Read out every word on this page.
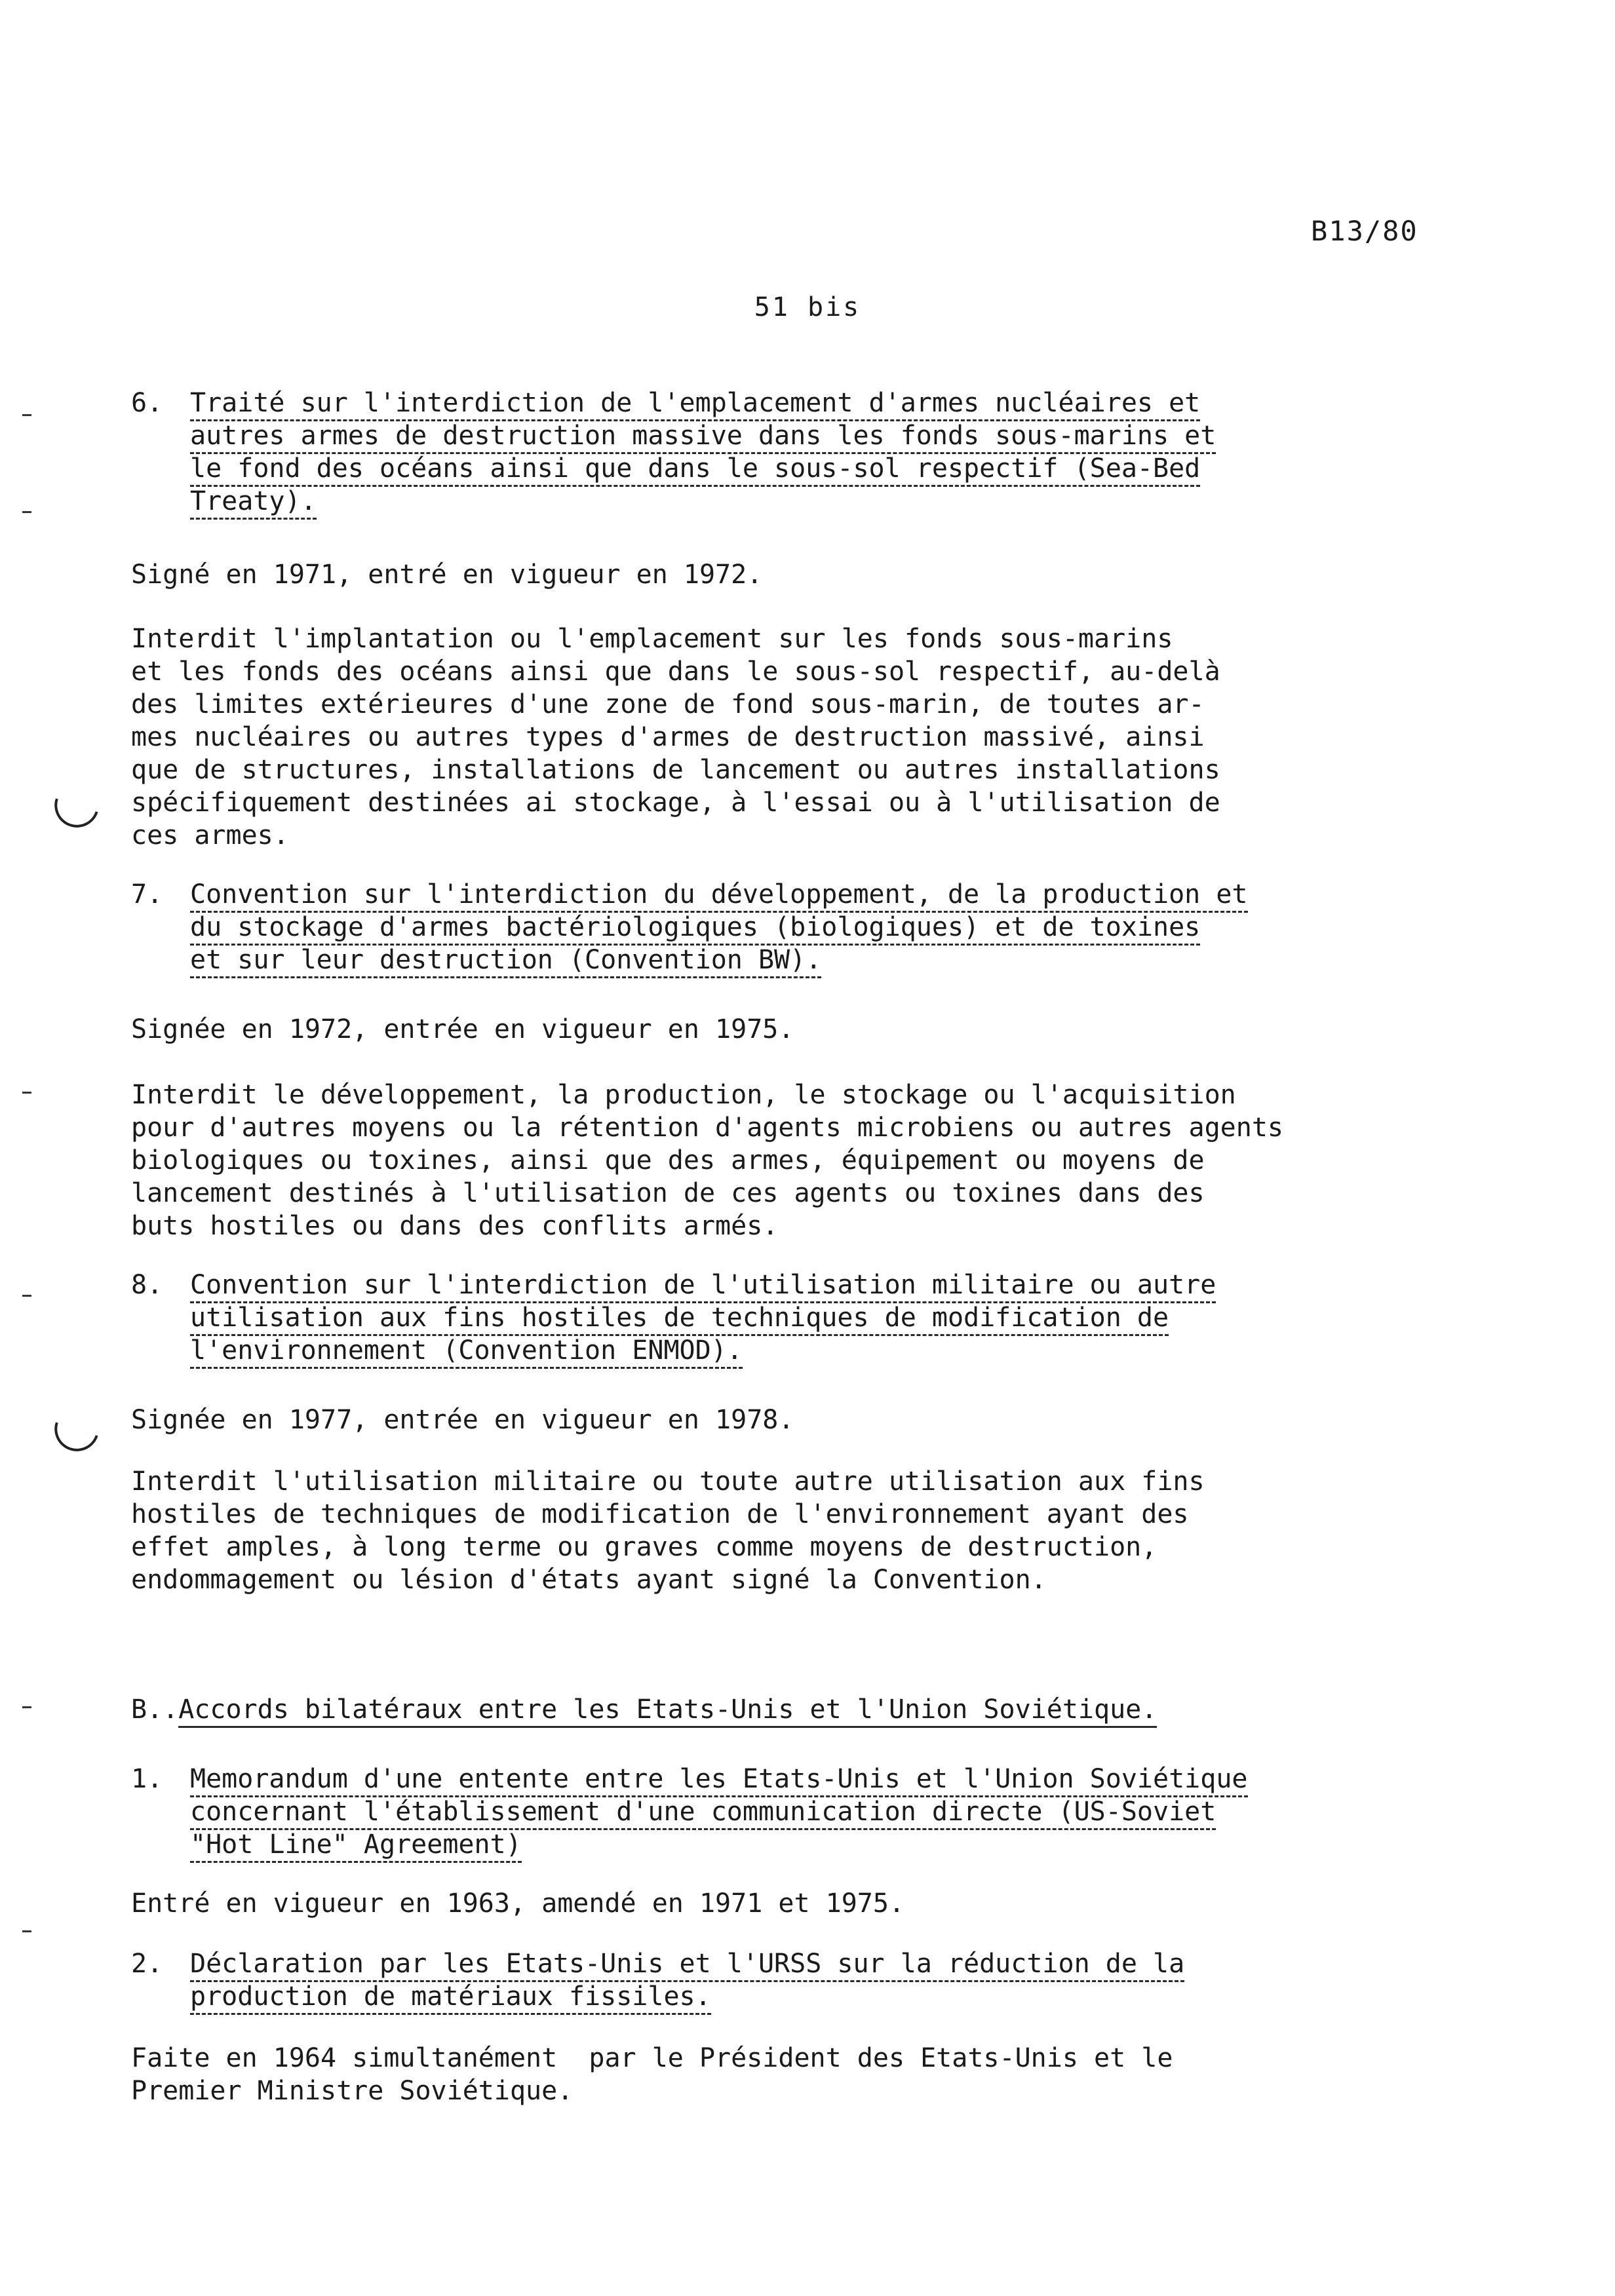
B13/80
51 bis
6. Traité sur l'interdiction de l'emplacement d'armes nucléaires et
autres armes de destruction massive dans les fonds sous-marins et
le fond des océans ainsi que dans le sous-sol respectif (Sea-Bed
Treaty).
Signé en 1971, entré en vigueur en 1972.
Interdit l'implantation ou l'emplacement sur les fonds sous-marins
et les fonds des océans ainsi que dans le sous-sol respectif, au-delà
des limites extérieures d'une zone de fond sous-marin, de toutes ar-
mes nucléaires ou autres types d'armes de destruction massivé, ainsi
que de structures, installations de lancement ou autres installations
spécifiquement destinées ai stockage, à l'essai ou à l'utilisation de
ces armes.
7. Convention sur l'interdiction du développement, de la production et
du stockage d'armes bactériologiques (biologiques) et de toxines
et sur leur destruction (Convention BW).
Signée en 1972, entrée en vigueur en 1975.
Interdit le développement, la production, le stockage ou l'acquisition
pour d'autres moyens ou la rétention d'agents microbiens ou autres agents
biologiques ou toxines, ainsi que des armes, équipement ou moyens de
lancement destinés à l'utilisation de ces agents ou toxines dans des
buts hostiles ou dans des conflits armés.
8. Convention sur l'interdiction de l'utilisation militaire ou autre
utilisation aux fins hostiles de techniques de modification de
l'environnement (Convention ENMOD).
Signée en 1977, entrée en vigueur en 1978.
Interdit l'utilisation militaire ou toute autre utilisation aux fins
hostiles de techniques de modification de l'environnement ayant des
effet amples, à long terme ou graves comme moyens de destruction,
endommagement ou lésion d'états ayant signé la Convention.
B..Accords bilatéraux entre les Etats-Unis et l'Union Soviétique.
1. Memorandum d'une entente entre les Etats-Unis et l'Union Soviétique
concernant l'établissement d'une communication directe (US-Soviet
"Hot Line" Agreement)
Entré en vigueur en 1963, amendé en 1971 et 1975.
2. Déclaration par les Etats-Unis et l'URSS sur la réduction de la
production de matériaux fissiles.
Faite en 1964 simultanément  par le Président des Etats-Unis et le
Premier Ministre Soviétique.
